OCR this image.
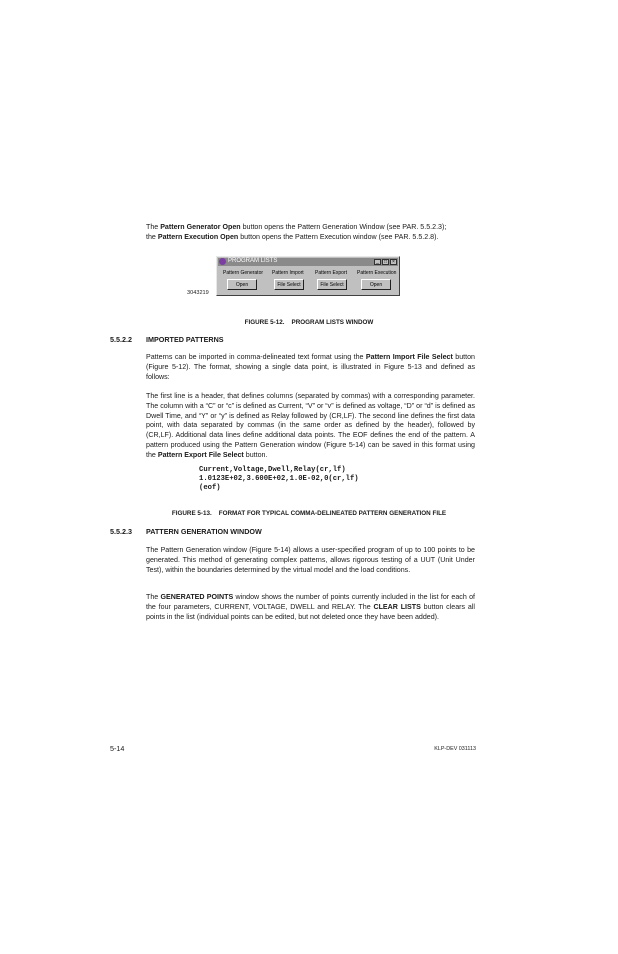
The Pattern Generator Open button opens the Pattern Generation Window (see PAR. 5.5.2.3);
the Pattern Execution Open button opens the Pattern Execution window (see PAR. 5.5.2.8).

PROGRAM LISTS	_	□	×
Pattern Generator Pattern Import Pattern Export Pattern Execution
Open	File Select	File Select	Open
3043219
FIGURE 5-12.    PROGRAM LISTS WINDOW
5.5.2.2 IMPORTED PATTERNS

Patterns can be imported in comma-delineated text format using the Pattern Import File Select button (Figure 5-12). The format, showing a single data point, is illustrated in Figure 5-13 and defined as follows:

The first line is a header, that defines columns (separated by commas) with a corresponding parameter. The column with a “C” or “c” is defined as Current, “V” or “v” is defined as voltage, “D” or “d” is defined as Dwell Time, and “Y” or “y” is defined as Relay followed by (CR,LF). The second line defines the first data point, with data separated by commas (in the same order as defined by the header), followed by (CR,LF). Additional data lines define additional data points. The EOF defines the end of the pattern. A pattern produced using the Pattern Generation window (Figure 5-14) can be saved in this format using the Pattern Export File Select button.

Current,Voltage,Dwell,Relay(cr,lf)
1.0123E+02,3.600E+02,1.0E-02,0(cr,lf)
(eof)
FIGURE 5-13.    FORMAT FOR TYPICAL COMMA-DELINEATED PATTERN GENERATION FILE
5.5.2.3 PATTERN GENERATION WINDOW

The Pattern Generation window (Figure 5-14) allows a user-specified program of up to 100 points to be generated. This method of generating complex patterns, allows rigorous testing of a UUT (Unit Under Test), within the boundaries determined by the virtual model and the load conditions.

The GENERATED POINTS window shows the number of points currently included in the list for each of the four parameters, CURRENT, VOLTAGE, DWELL and RELAY. The CLEAR LISTS button clears all points in the list (individual points can be edited, but not deleted once they have been added).

5-14	KLP-DEV 031113
